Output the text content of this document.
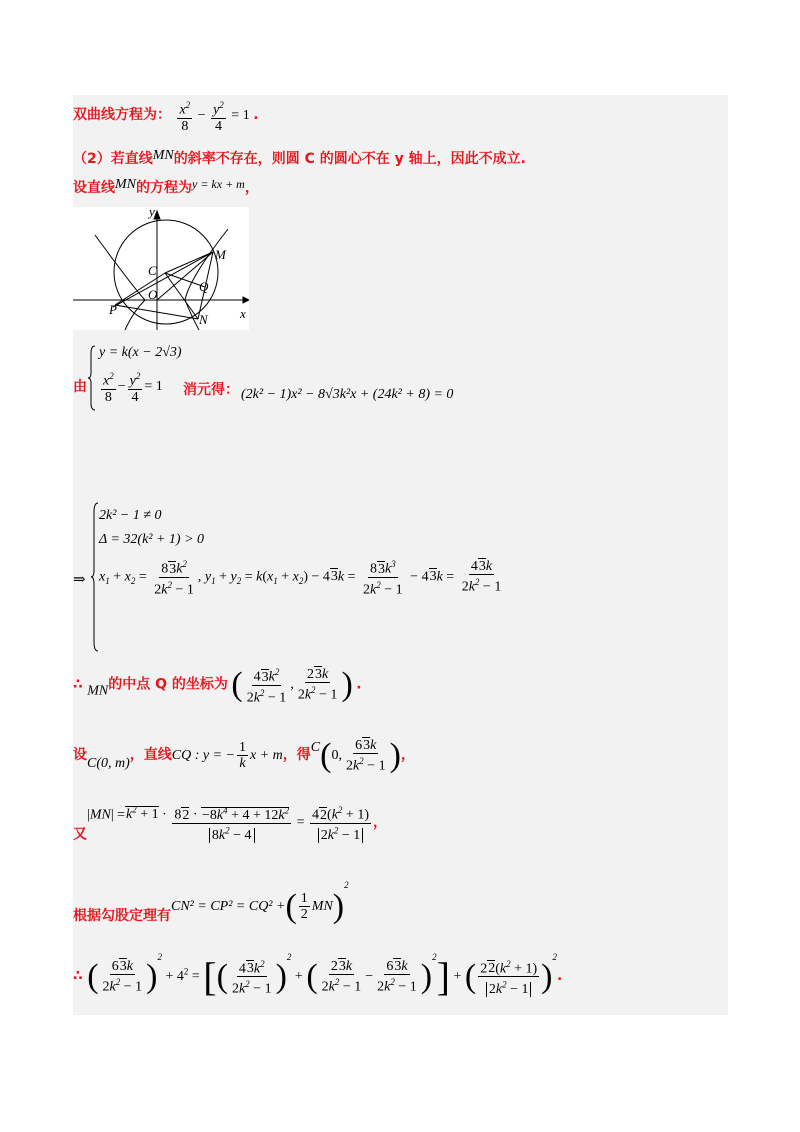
双曲线方程为： $\frac{x^2}{8} - \frac{y^2}{4} = 1$ .
（2）若直线MN的斜率不存在，则圆 C 的圆心不在 y 轴上，因此不成立.
设直线MN的方程为y = kx + m，
y
x
C
O
M
Q
P
N
由
y = k(x − 2√3)
$\frac{x^2}{8} - \frac{y^2}{4} = 1$ 消元得： (2k² − 1)x² − 8√3k²x + (24k² + 8) = 0
⇒
2k² − 1 ≠ 0
Δ = 32(k² + 1) > 0
$x_1 + x_2 = \frac{83k^2}{2k^2 - 1}$ , $y_1 + y_2 = k(x_1 + x_2) - 43k = \frac{83k^3}{2k^2 - 1} - 43k = \frac{43k}{2k^2 - 1}$
∴ MN的中点 Q 的坐标为 ( $\frac{43k^2}{2k^2 - 1}$ , $\frac{23k}{2k^2 - 1}$ ) .
设C(0, m)，直线CQ : y = − $\frac{1}{k}$ x + m，得C(0, $\frac{63k}{2k^2 - 1}$ )，
又$|MN| =k^2 + 1 \cdot \frac{82 \cdot -8k^4 + 4 + 12k^2}{8k^2 - 4} = \frac{42(k^2 + 1)}{2k^2 - 1}$ ，
根据勾股定理有CN² = CP² = CQ² +( $\frac{1}{2} MN)^2$
∴ ( $\frac{63k}{2k^2 - 1} )^2 + 4^2$ = [( $\frac{43k^2}{2k^2 - 1} )^2$ + ( $\frac{23k}{2k^2 - 1} - \frac{63k}{2k^2 - 1} )^2$] + ( $\frac{22(k^2 + 1)}{2k^2 - 1} )^2$.
